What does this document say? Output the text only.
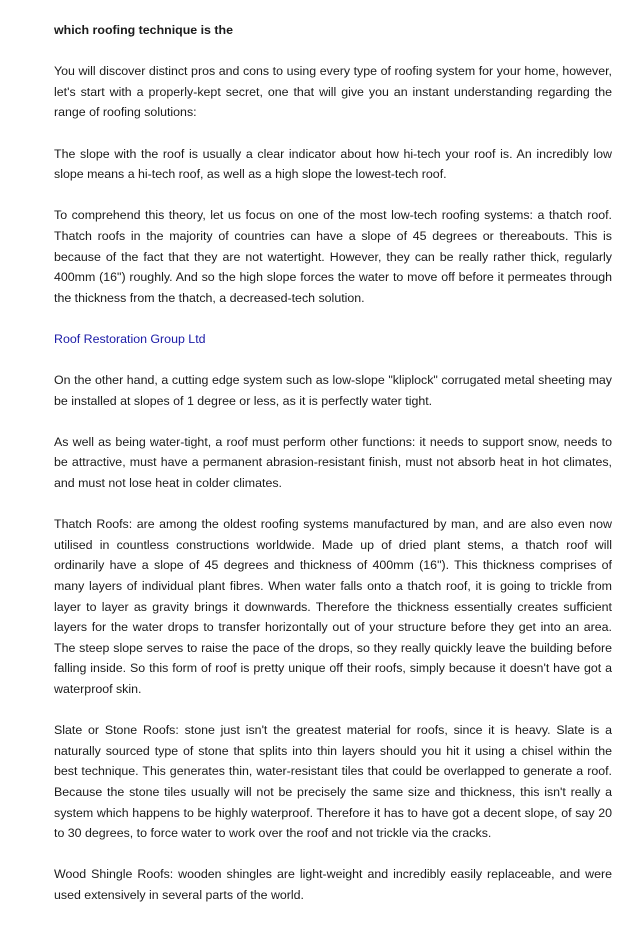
which roofing technique is the

You will discover distinct pros and cons to using every type of roofing system for your home, however, let's start with a properly-kept secret, one that will give you an instant understanding regarding the range of roofing solutions:

The slope with the roof is usually a clear indicator about how hi-tech your roof is. An incredibly low slope means a hi-tech roof, as well as a high slope the lowest-tech roof.

To comprehend this theory, let us focus on one of the most low-tech roofing systems: a thatch roof. Thatch roofs in the majority of countries can have a slope of 45 degrees or thereabouts. This is because of the fact that they are not watertight. However, they can be really rather thick, regularly 400mm (16") roughly. And so the high slope forces the water to move off before it permeates through the thickness from the thatch, a decreased-tech solution.

Roof Restoration Group Ltd

On the other hand, a cutting edge system such as low-slope "kliplock" corrugated metal sheeting may be installed at slopes of 1 degree or less, as it is perfectly water tight.

As well as being water-tight, a roof must perform other functions: it needs to support snow, needs to be attractive, must have a permanent abrasion-resistant finish, must not absorb heat in hot climates, and must not lose heat in colder climates.

Thatch Roofs: are among the oldest roofing systems manufactured by man, and are also even now utilised in countless constructions worldwide. Made up of dried plant stems, a thatch roof will ordinarily have a slope of 45 degrees and thickness of 400mm (16"). This thickness comprises of many layers of individual plant fibres. When water falls onto a thatch roof, it is going to trickle from layer to layer as gravity brings it downwards. Therefore the thickness essentially creates sufficient layers for the water drops to transfer horizontally out of your structure before they get into an area. The steep slope serves to raise the pace of the drops, so they really quickly leave the building before falling inside. So this form of roof is pretty unique off their roofs, simply because it doesn't have got a waterproof skin.

Slate or Stone Roofs: stone just isn't the greatest material for roofs, since it is heavy. Slate is a naturally sourced type of stone that splits into thin layers should you hit it using a chisel within the best technique. This generates thin, water-resistant tiles that could be overlapped to generate a roof. Because the stone tiles usually will not be precisely the same size and thickness, this isn't really a system which happens to be highly waterproof. Therefore it has to have got a decent slope, of say 20 to 30 degrees, to force water to work over the roof and not trickle via the cracks.

Wood Shingle Roofs: wooden shingles are light-weight and incredibly easily replaceable, and were used extensively in several parts of the world.
